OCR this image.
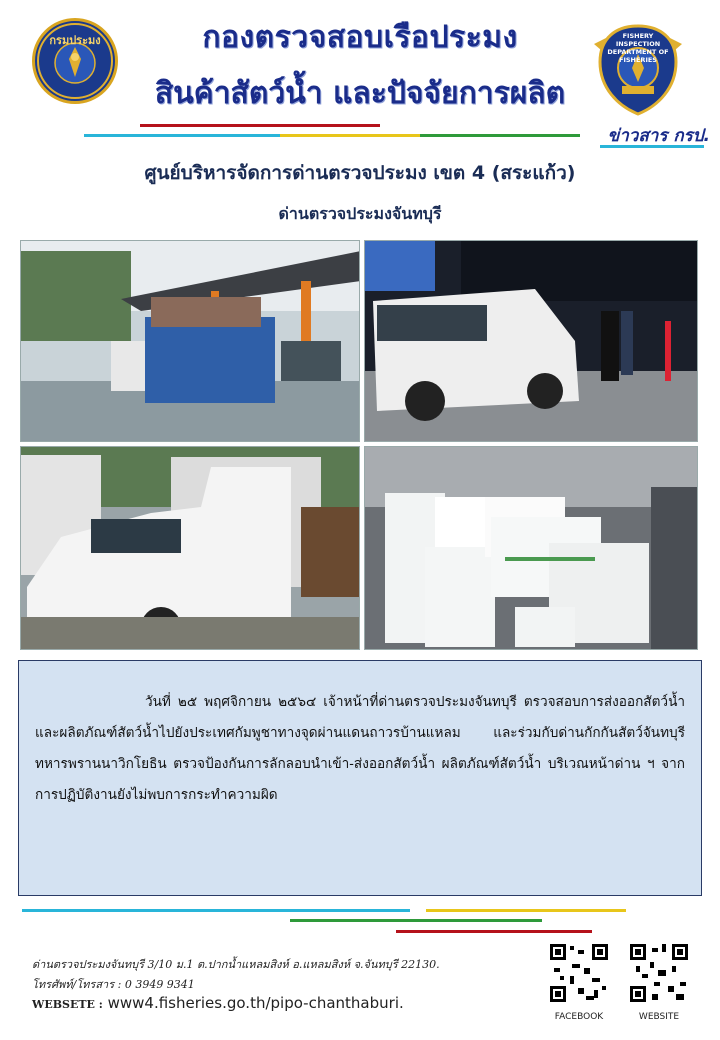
กรมประมง	กองตรวจสอบเรือประมง
สินค้าสัตว์น้ำ และปัจจัยการผลิต
FISHERY INSPECTION DEPARTMENT OF FISHERIES
ข่าวสาร กรป.
ศูนย์บริหารจัดการด่านตรวจประมง เขต 4 (สระแก้ว)
ด่านตรวจประมงจันทบุรี

วันที่ ๒๕ พฤศจิกายน ๒๕๖๔ เจ้าหน้าที่ด่านตรวจประมงจันทบุรี ตรวจสอบการส่งออกสัตว์น้ำและผลิตภัณฑ์สัตว์น้ำไปยังประเทศกัมพูชาทางจุดผ่านแดนถาวรบ้านแหลม และร่วมกับด่านกักกันสัตว์จันทบุรี ทหารพรานนาวิกโยธิน ตรวจป้องกันการลักลอบนำเข้า-ส่งออกสัตว์น้ำ ผลิตภัณฑ์สัตว์น้ำ บริเวณหน้าด่าน ฯ จากการปฏิบัติงานยังไม่พบการกระทำความผิด

ด่านตรวจประมงจันทบุรี 3/10 ม.1 ต.ปากน้ำแหลมสิงห์ อ.แหลมสิงห์ จ.จันทบุรี 22130.
โทรศัพท์/โทรสาร : 0 3949 9341
WEBSETE : www4.fisheries.go.th/pipo-chanthaburi.
FACEBOOK	WEBSITE
